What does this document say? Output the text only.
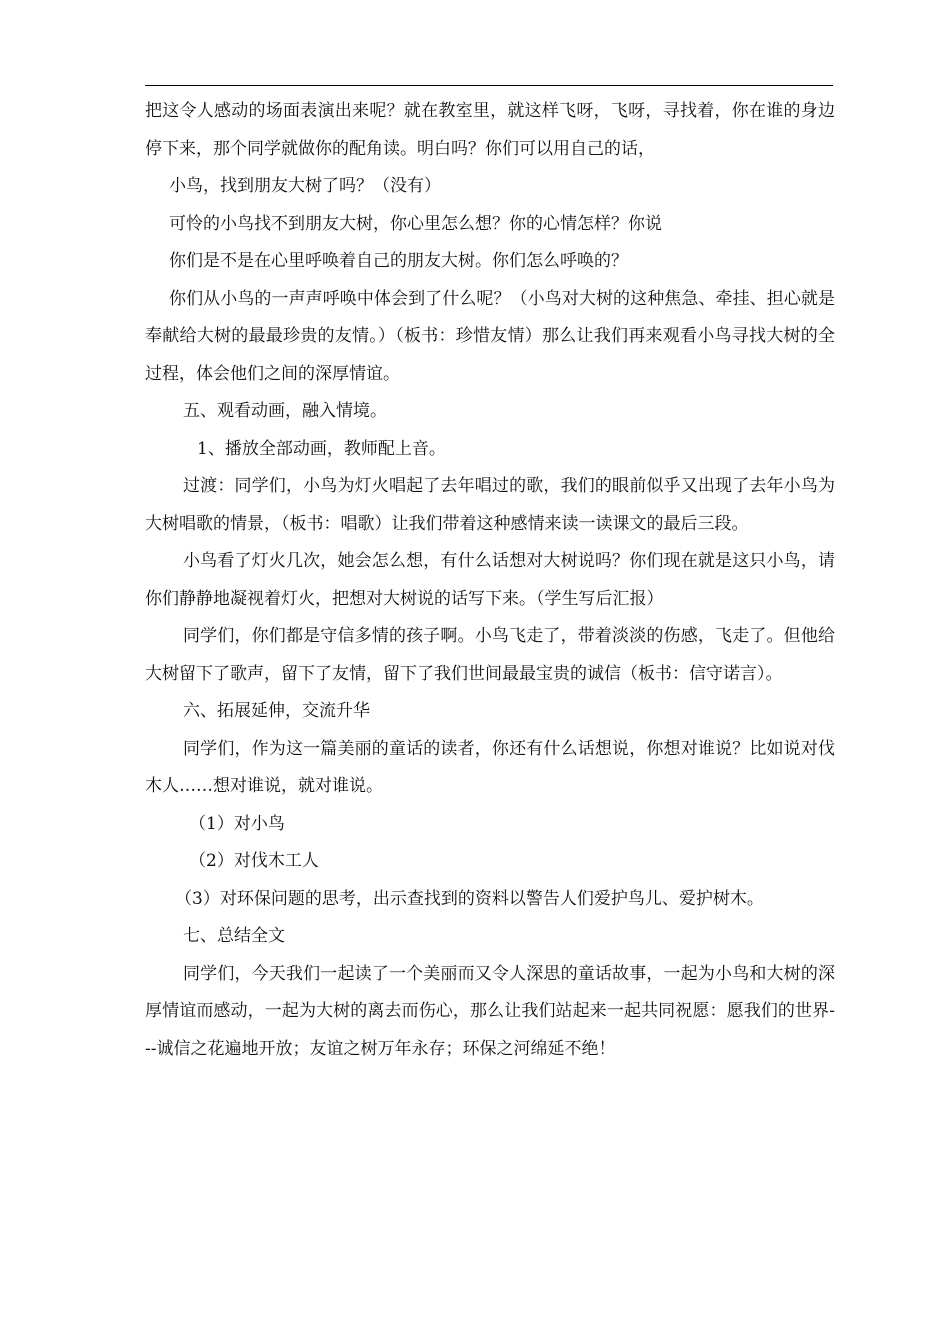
把这令人感动的场面表演出来呢？就在教室里，就这样飞呀，飞呀，寻找着，你在谁的身边停下来，那个同学就做你的配角读。明白吗？你们可以用自己的话，

小鸟，找到朋友大树了吗？（没有）

可怜的小鸟找不到朋友大树，你心里怎么想？你的心情怎样？你说

你们是不是在心里呼唤着自己的朋友大树。你们怎么呼唤的？

你们从小鸟的一声声呼唤中体会到了什么呢？（小鸟对大树的这种焦急、牵挂、担心就是奉献给大树的最最珍贵的友情。）（板书：珍惜友情）那么让我们再来观看小鸟寻找大树的全过程，体会他们之间的深厚情谊。

五、观看动画，融入情境。

1、播放全部动画，教师配上音。

过渡：同学们，小鸟为灯火唱起了去年唱过的歌，我们的眼前似乎又出现了去年小鸟为大树唱歌的情景，（板书：唱歌）让我们带着这种感情来读一读课文的最后三段。

小鸟看了灯火几次，她会怎么想，有什么话想对大树说吗？你们现在就是这只小鸟，请你们静静地凝视着灯火，把想对大树说的话写下来。（学生写后汇报）

同学们，你们都是守信多情的孩子啊。小鸟飞走了，带着淡淡的伤感，飞走了。但他给大树留下了歌声，留下了友情，留下了我们世间最最宝贵的诚信（板书：信守诺言）。

六、拓展延伸，交流升华

同学们，作为这一篇美丽的童话的读者，你还有什么话想说，你想对谁说？比如说对伐木人……想对谁说，就对谁说。

（1）对小鸟

（2）对伐木工人

（3）对环保问题的思考，出示查找到的资料以警告人们爱护鸟儿、爱护树木。

七、总结全文

同学们，今天我们一起读了一个美丽而又令人深思的童话故事，一起为小鸟和大树的深厚情谊而感动，一起为大树的离去而伤心，那么让我们站起来一起共同祝愿：愿我们的世界---诚信之花遍地开放；友谊之树万年永存；环保之河绵延不绝！
